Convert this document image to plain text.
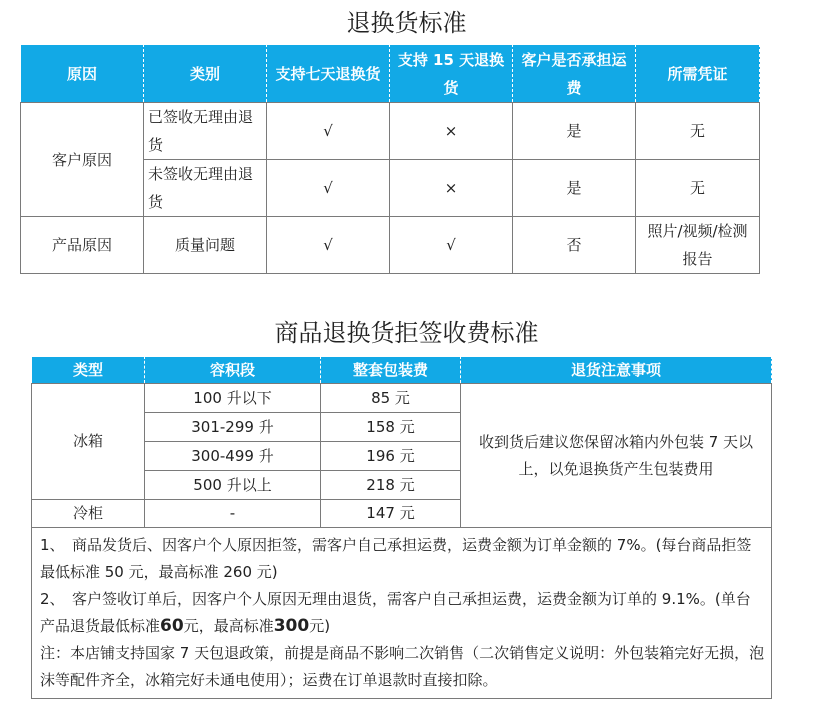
退换货标准
原因	类别	支持七天退换货	支持 15 天退换货	客户是否承担运费	所需凭证
客户原因	已签收无理由退货	√	×	是	无
	未签收无理由退货	√	×	是	无
产品原因	质量问题	√	√	否	照片/视频/检测报告
商品退换货拒签收费标准
类型	容积段	整套包装费	退货注意事项
冰箱	100 升以下	85 元	收到货后建议您保留冰箱内外包装 7 天以上，以免退换货产生包装费用
	301-299 升	158 元	
	300-499 升	196 元	
	500 升以上	218 元	
冷柜	-	147 元	

1、 商品发货后、因客户个人原因拒签，需客户自己承担运费，运费金额为订单金额的 7%。(每台商品拒签最低标准 50 元，最高标准 260 元)
2、 客户签收订单后，因客户个人原因无理由退货，需客户自己承担运费，运费金额为订单的 9.1%。(单台产品退货最低标准60元，最高标准300元)
注：本店铺支持国家 7 天包退政策，前提是商品不影响二次销售（二次销售定义说明：外包装箱完好无损，泡沫等配件齐全，冰箱完好未通电使用）；运费在订单退款时直接扣除。			
